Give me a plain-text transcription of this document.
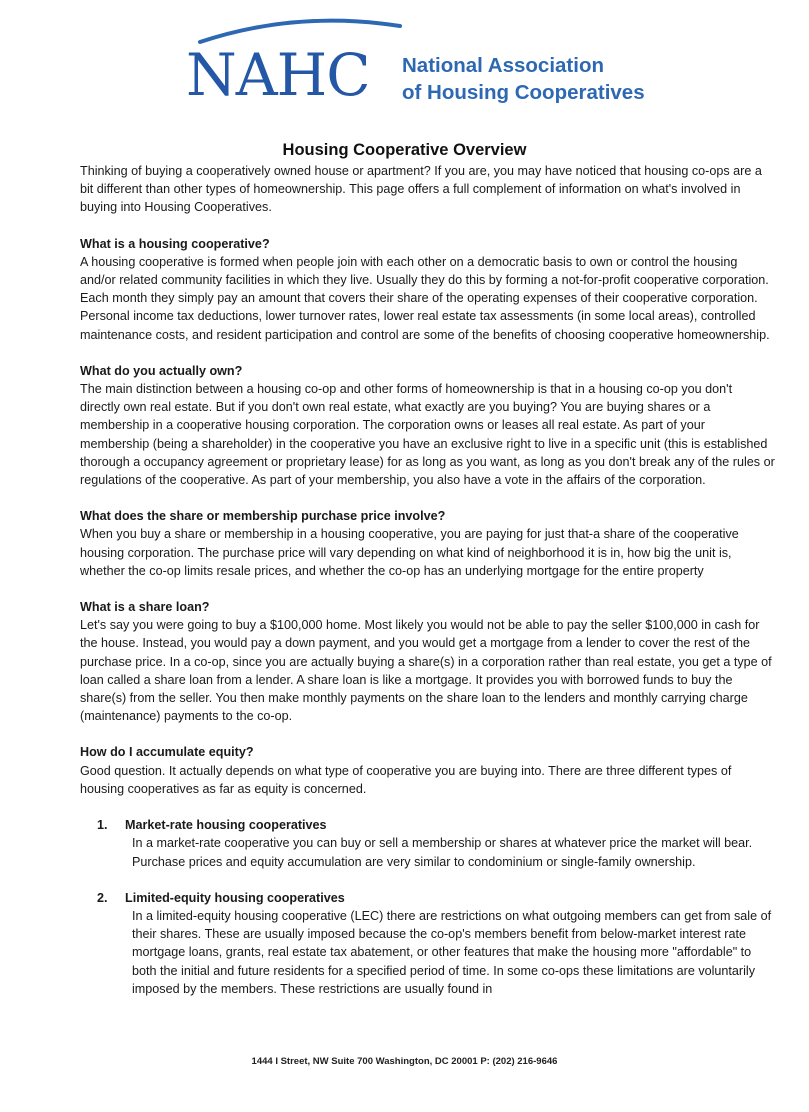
NAHC National Association
of Housing Cooperatives
Housing Cooperative Overview

Thinking of buying a cooperatively owned house or apartment? If you are, you may have noticed that housing co-ops are a bit different than other types of homeownership. This page offers a full complement of information on what's involved in buying into Housing Cooperatives.

What is a housing cooperative?

A housing cooperative is formed when people join with each other on a democratic basis to own or control the housing and/or related community facilities in which they live. Usually they do this by forming a not-for-profit cooperative corporation. Each month they simply pay an amount that covers their share of the operating expenses of their cooperative corporation. Personal income tax deductions, lower turnover rates, lower real estate tax assessments (in some local areas), controlled maintenance costs, and resident participation and control are some of the benefits of choosing cooperative homeownership.

What do you actually own?

The main distinction between a housing co-op and other forms of homeownership is that in a housing co-op you don't directly own real estate. But if you don't own real estate, what exactly are you buying? You are buying shares or a membership in a cooperative housing corporation. The corporation owns or leases all real estate. As part of your membership (being a shareholder) in the cooperative you have an exclusive right to live in a specific unit (this is established thorough a occupancy agreement or proprietary lease) for as long as you want, as long as you don't break any of the rules or regulations of the cooperative. As part of your membership, you also have a vote in the affairs of the corporation.

What does the share or membership purchase price involve?

When you buy a share or membership in a housing cooperative, you are paying for just that-a share of the cooperative housing corporation. The purchase price will vary depending on what kind of neighborhood it is in, how big the unit is, whether the co-op limits resale prices, and whether the co-op has an underlying mortgage for the entire property

What is a share loan?

Let's say you were going to buy a $100,000 home. Most likely you would not be able to pay the seller $100,000 in cash for the house. Instead, you would pay a down payment, and you would get a mortgage from a lender to cover the rest of the purchase price. In a co-op, since you are actually buying a share(s) in a corporation rather than real estate, you get a type of loan called a share loan from a lender. A share loan is like a mortgage. It provides you with borrowed funds to buy the share(s) from the seller. You then make monthly payments on the share loan to the lenders and monthly carrying charge (maintenance) payments to the co-op.

How do I accumulate equity?

Good question. It actually depends on what type of cooperative you are buying into. There are three different types of housing cooperatives as far as equity is concerned.

1.	Market-rate housing cooperatives
In a market-rate cooperative you can buy or sell a membership or shares at whatever price the market will bear. Purchase prices and equity accumulation are very similar to condominium or single-family ownership.
2.	Limited-equity housing cooperatives
In a limited-equity housing cooperative (LEC) there are restrictions on what outgoing members can get from sale of their shares. These are usually imposed because the co-op's members benefit from below-market interest rate mortgage loans, grants, real estate tax abatement, or other features that make the housing more "affordable" to both the initial and future residents for a specified period of time. In some co-ops these limitations are voluntarily imposed by the members. These restrictions are usually found in
1444 I Street, NW Suite 700 Washington, DC 20001 P: (202) 216-9646
